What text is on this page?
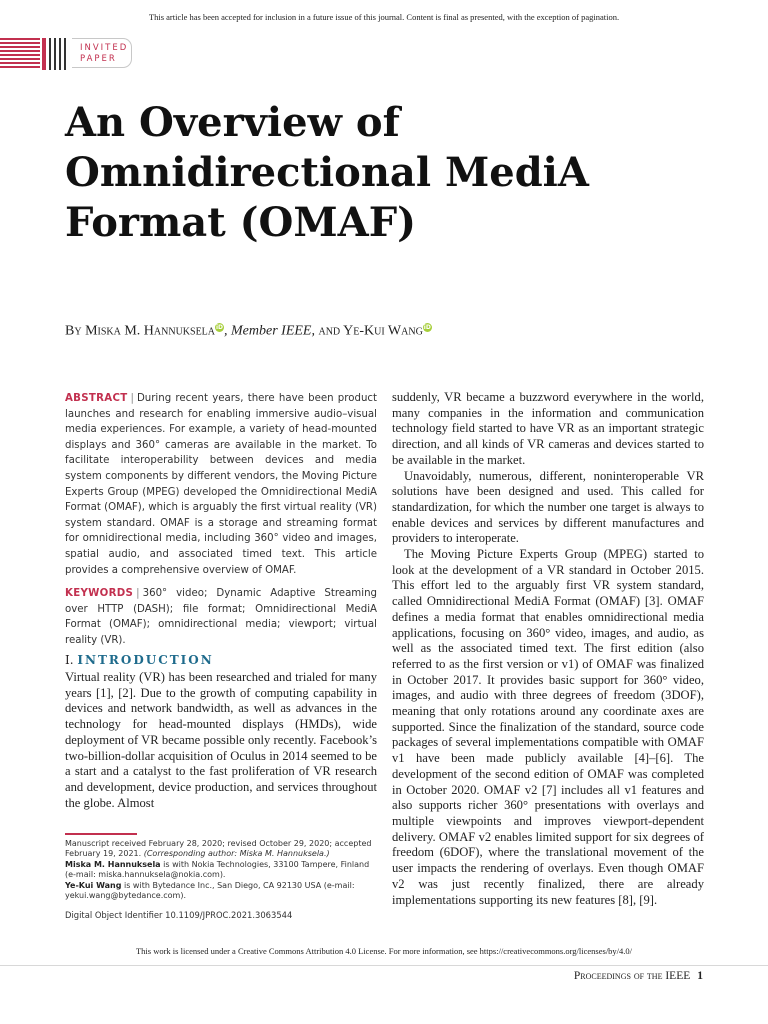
This article has been accepted for inclusion in a future issue of this journal. Content is final as presented, with the exception of pagination.
INVITED
PAPER
An Overview of Omnidirectional MediA Format (OMAF)
By Miska M. HannukselaiD, Member IEEE, and Ye-Kui WangiD

ABSTRACT | During recent years, there have been product launches and research for enabling immersive audio–visual media experiences. For example, a variety of head-mounted displays and 360° cameras are available in the market. To facilitate interoperability between devices and media system components by different vendors, the Moving Picture Experts Group (MPEG) developed the Omnidirectional MediA Format (OMAF), which is arguably the first virtual reality (VR) system standard. OMAF is a storage and streaming format for omnidirectional media, including 360° video and images, spatial audio, and associated timed text. This article provides a comprehensive overview of OMAF.

KEYWORDS | 360° video; Dynamic Adaptive Streaming over HTTP (DASH); file format; Omnidirectional MediA Format (OMAF); omnidirectional media; viewport; virtual reality (VR).

I. INTRODUCTION

Virtual reality (VR) has been researched and trialed for many years [1], [2]. Due to the growth of computing capability in devices and network bandwidth, as well as advances in the technology for head-mounted displays (HMDs), wide deployment of VR became possible only recently. Facebook’s two-billion-dollar acquisition of Oculus in 2014 seemed to be a start and a catalyst to the fast proliferation of VR research and development, device production, and services throughout the globe. Almost

suddenly, VR became a buzzword everywhere in the world, many companies in the information and communication technology field started to have VR as an important strategic direction, and all kinds of VR cameras and devices started to be available in the market.

Unavoidably, numerous, different, noninteroperable VR solutions have been designed and used. This called for standardization, for which the number one target is always to enable devices and services by different manufactures and providers to interoperate.

The Moving Picture Experts Group (MPEG) started to look at the development of a VR standard in October 2015. This effort led to the arguably first VR system standard, called Omnidirectional MediA Format (OMAF) [3]. OMAF defines a media format that enables omnidirectional media applications, focusing on 360° video, images, and audio, as well as the associated timed text. The first edition (also referred to as the first version or v1) of OMAF was finalized in October 2017. It provides basic support for 360° video, images, and audio with three degrees of freedom (3DOF), meaning that only rotations around any coordinate axes are supported. Since the finalization of the standard, source code packages of several implementations compatible with OMAF v1 have been made publicly available [4]–[6]. The development of the second edition of OMAF was completed in October 2020. OMAF v2 [7] includes all v1 features and also supports richer 360° presentations with overlays and multiple viewpoints and improves viewport-dependent delivery. OMAF v2 enables limited support for six degrees of freedom (6DOF), where the translational movement of the user impacts the rendering of overlays. Even though OMAF v2 was just recently finalized, there are already implementations supporting its new features [8], [9].

Manuscript received February 28, 2020; revised October 29, 2020; accepted February 19, 2021. (Corresponding author: Miska M. Hannuksela.)

Miska M. Hannuksela is with Nokia Technologies, 33100 Tampere, Finland (e-mail: miska.hannuksela@nokia.com).

Ye-Kui Wang is with Bytedance Inc., San Diego, CA 92130 USA (e-mail: yekui.wang@bytedance.com).

Digital Object Identifier 10.1109/JPROC.2021.3063544
This work is licensed under a Creative Commons Attribution 4.0 License. For more information, see https://creativecommons.org/licenses/by/4.0/
Proceedings of the IEEE 1
